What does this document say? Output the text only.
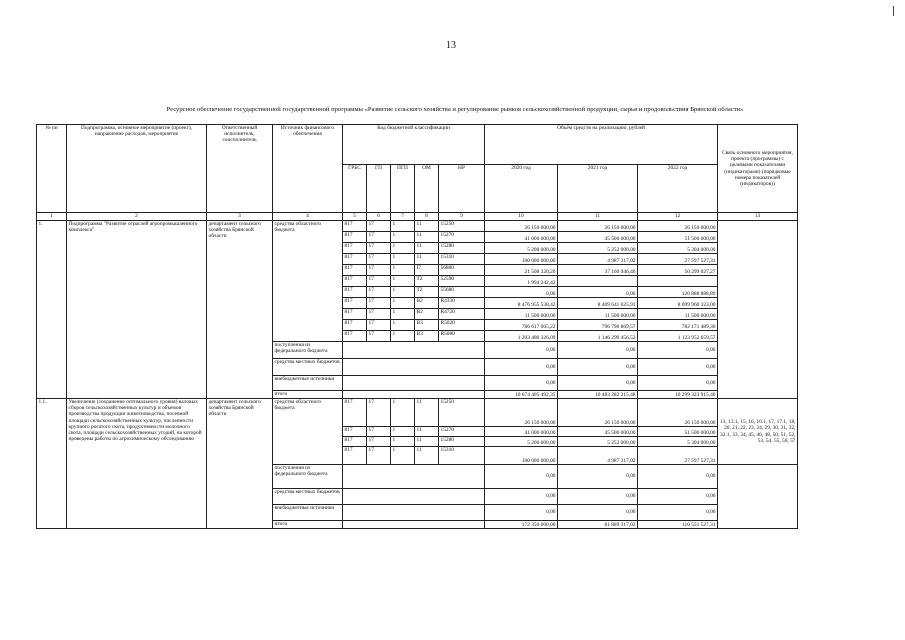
13
Ресурсное обеспечение государственной государственной программы «Развитие сельского хозяйства и регулирование рынков сельскохозяйственной продукции, сырья и продовольствия Брянской области»
№ пп	Подпрограмма, основное мероприятие (проект), направление расходов, мероприятие	Ответственный исполнитель, соисполнитель	Источник финансового обеспечения	Код бюджетной классификации					Объём средств на реализацию, рублей			Связь основного мероприятия, проекта (программы) с целевыми показателями (индикаторами) (порядковые номера показателей (индикаторов))
				ГРБС	ГП	ПГП	ОМ	НР	2020 год	2021 год	2022 год	
1	2	3	4	5	6	7	8	9	10	11	12	13
1.	Подпрограмма "Развитие отраслей агропромышленного комплекса"	департамент сельского хозяйства Брянской области	средства областного бюджета	817	17	1	11	15250	26 150 000,00	26 150 000,00	26 150 000,00	
				817	17	1	11	15270	41 000 000,00	45 500 000,00	51 500 000,00	
				817	17	1	11	15280	5 200 000,00	5 252 000,00	5 304 000,00	
				817	17	1	11	15310	100 000 000,00	4 987 317,02	27 597 527,31	
				817	17	1	I7	56800	21 508 320,20	37 160 946,46	50 299 027,27	
				817	17	1	T2	52590	1 994 242,42			
				817	17	1	T2	55680	0,00	0,00	120 888 888,89	
				817	17	1	B2	R4330	8 476 955 538,42	8 409 641 625,91	8 099 960 323,00	
				817	17	1	B2	R4720	11 500 000,00	11 500 000,00	11 500 000,00	
				817	17	1	B3	R5020	786 617 065,22	796 790 869,57	782 171 489,36	
				817	17	1	B3	R5080	1 203 480 326,09	1 146 299 456,52	1 123 952 659,57	
			поступления из федерального бюджета						0,00	0,00	0,00	
			средства местных бюджетов						0,00	0,00	0,00	
			внебюджетные источники						0,00	0,00	0,00	
			итого						10 674 405 492,35	10 483 282 215,48	10 299 323 915,40	
1.1.	Увеличение (сохранение оптимального уровня) валовых сборов сельскохозяйственных культур и объемов производства продукции животноводства, посевной площади сельскохозяйственных культур, численности крупного рогатого скота, продуктивности молочного скота, площади сельскохозяйственных угодий, на которой проведены работы по агрохимическому обследованию	департамент сельского хозяйства Брянской области	средства областного бюджета	817	17	1	11	15250	26 150 000,00	26 150 000,00	26 150 000,00	13, 13.1, 15, 16, 16.1, 17, 17.1, 18, 20, 21, 22, 23, 24, 29, 30, 31, 32, 32.1, 33, 34, 45, 46, 48, 50, 51, 52, 53, 54, 55, 56, 57
				817	17	1	11	15270	41 000 000,00	45 500 000,00	51 500 000,00	
				817	17	1	11	15280	5 200 000,00	5 252 000,00	5 304 000,00	
				817	17	1	11	15310	100 000 000,00	4 987 317,02	27 597 527,31	
			поступления из федерального бюджета						0,00	0,00	0,00	
			средства местных бюджетов						0,00	0,00	0,00	
			внебюджетные источники						0,00	0,00	0,00	
			итого						172 350 000,00	81 889 317,02	110 551 527,31	
